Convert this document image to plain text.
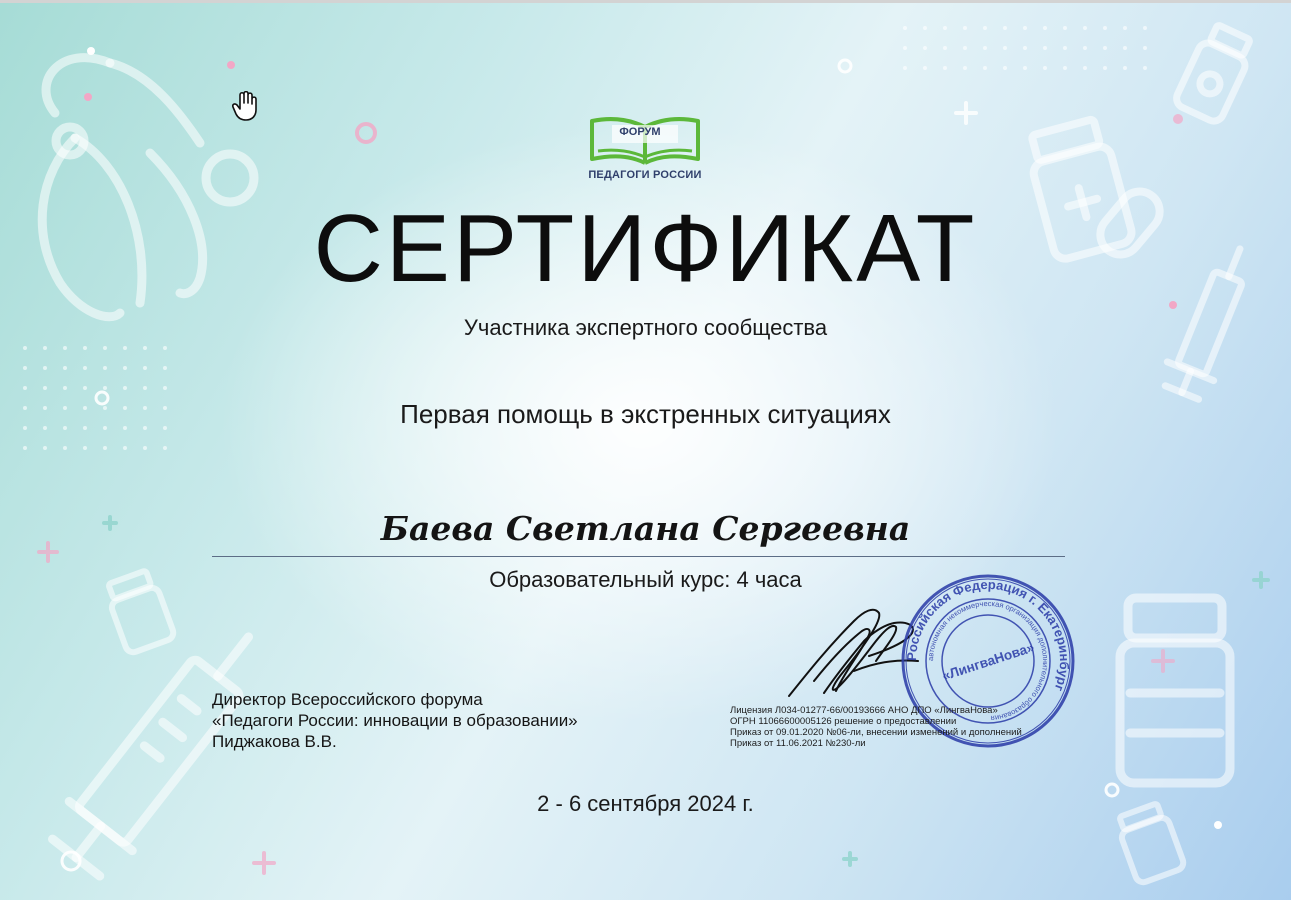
ФОРУМ
ПЕДАГОГИ РОССИИ
СЕРТИФИКАТ
Участника экспертного сообщества
Первая помощь в экстренных ситуациях
Баева Светлана Сергеевна
Образовательный курс: 4 часа
Директор Всероссийского форума
«Педагоги России: инновации в образовании»
Пиджакова В.В.
Российская Федерация г. Екатеринбург
автономная некоммерческая организация дополнительного образования
«ЛингваНова»
Лицензия Л034-01277-66/00193666 АНО ДПО «ЛингваНова»
ОГРН 11066600005126 решение о предоставлении
Приказ от 09.01.2020 №06-ли, внесении изменений и дополнений
Приказ от 11.06.2021 №230-ли
2 - 6 сентября 2024 г.
